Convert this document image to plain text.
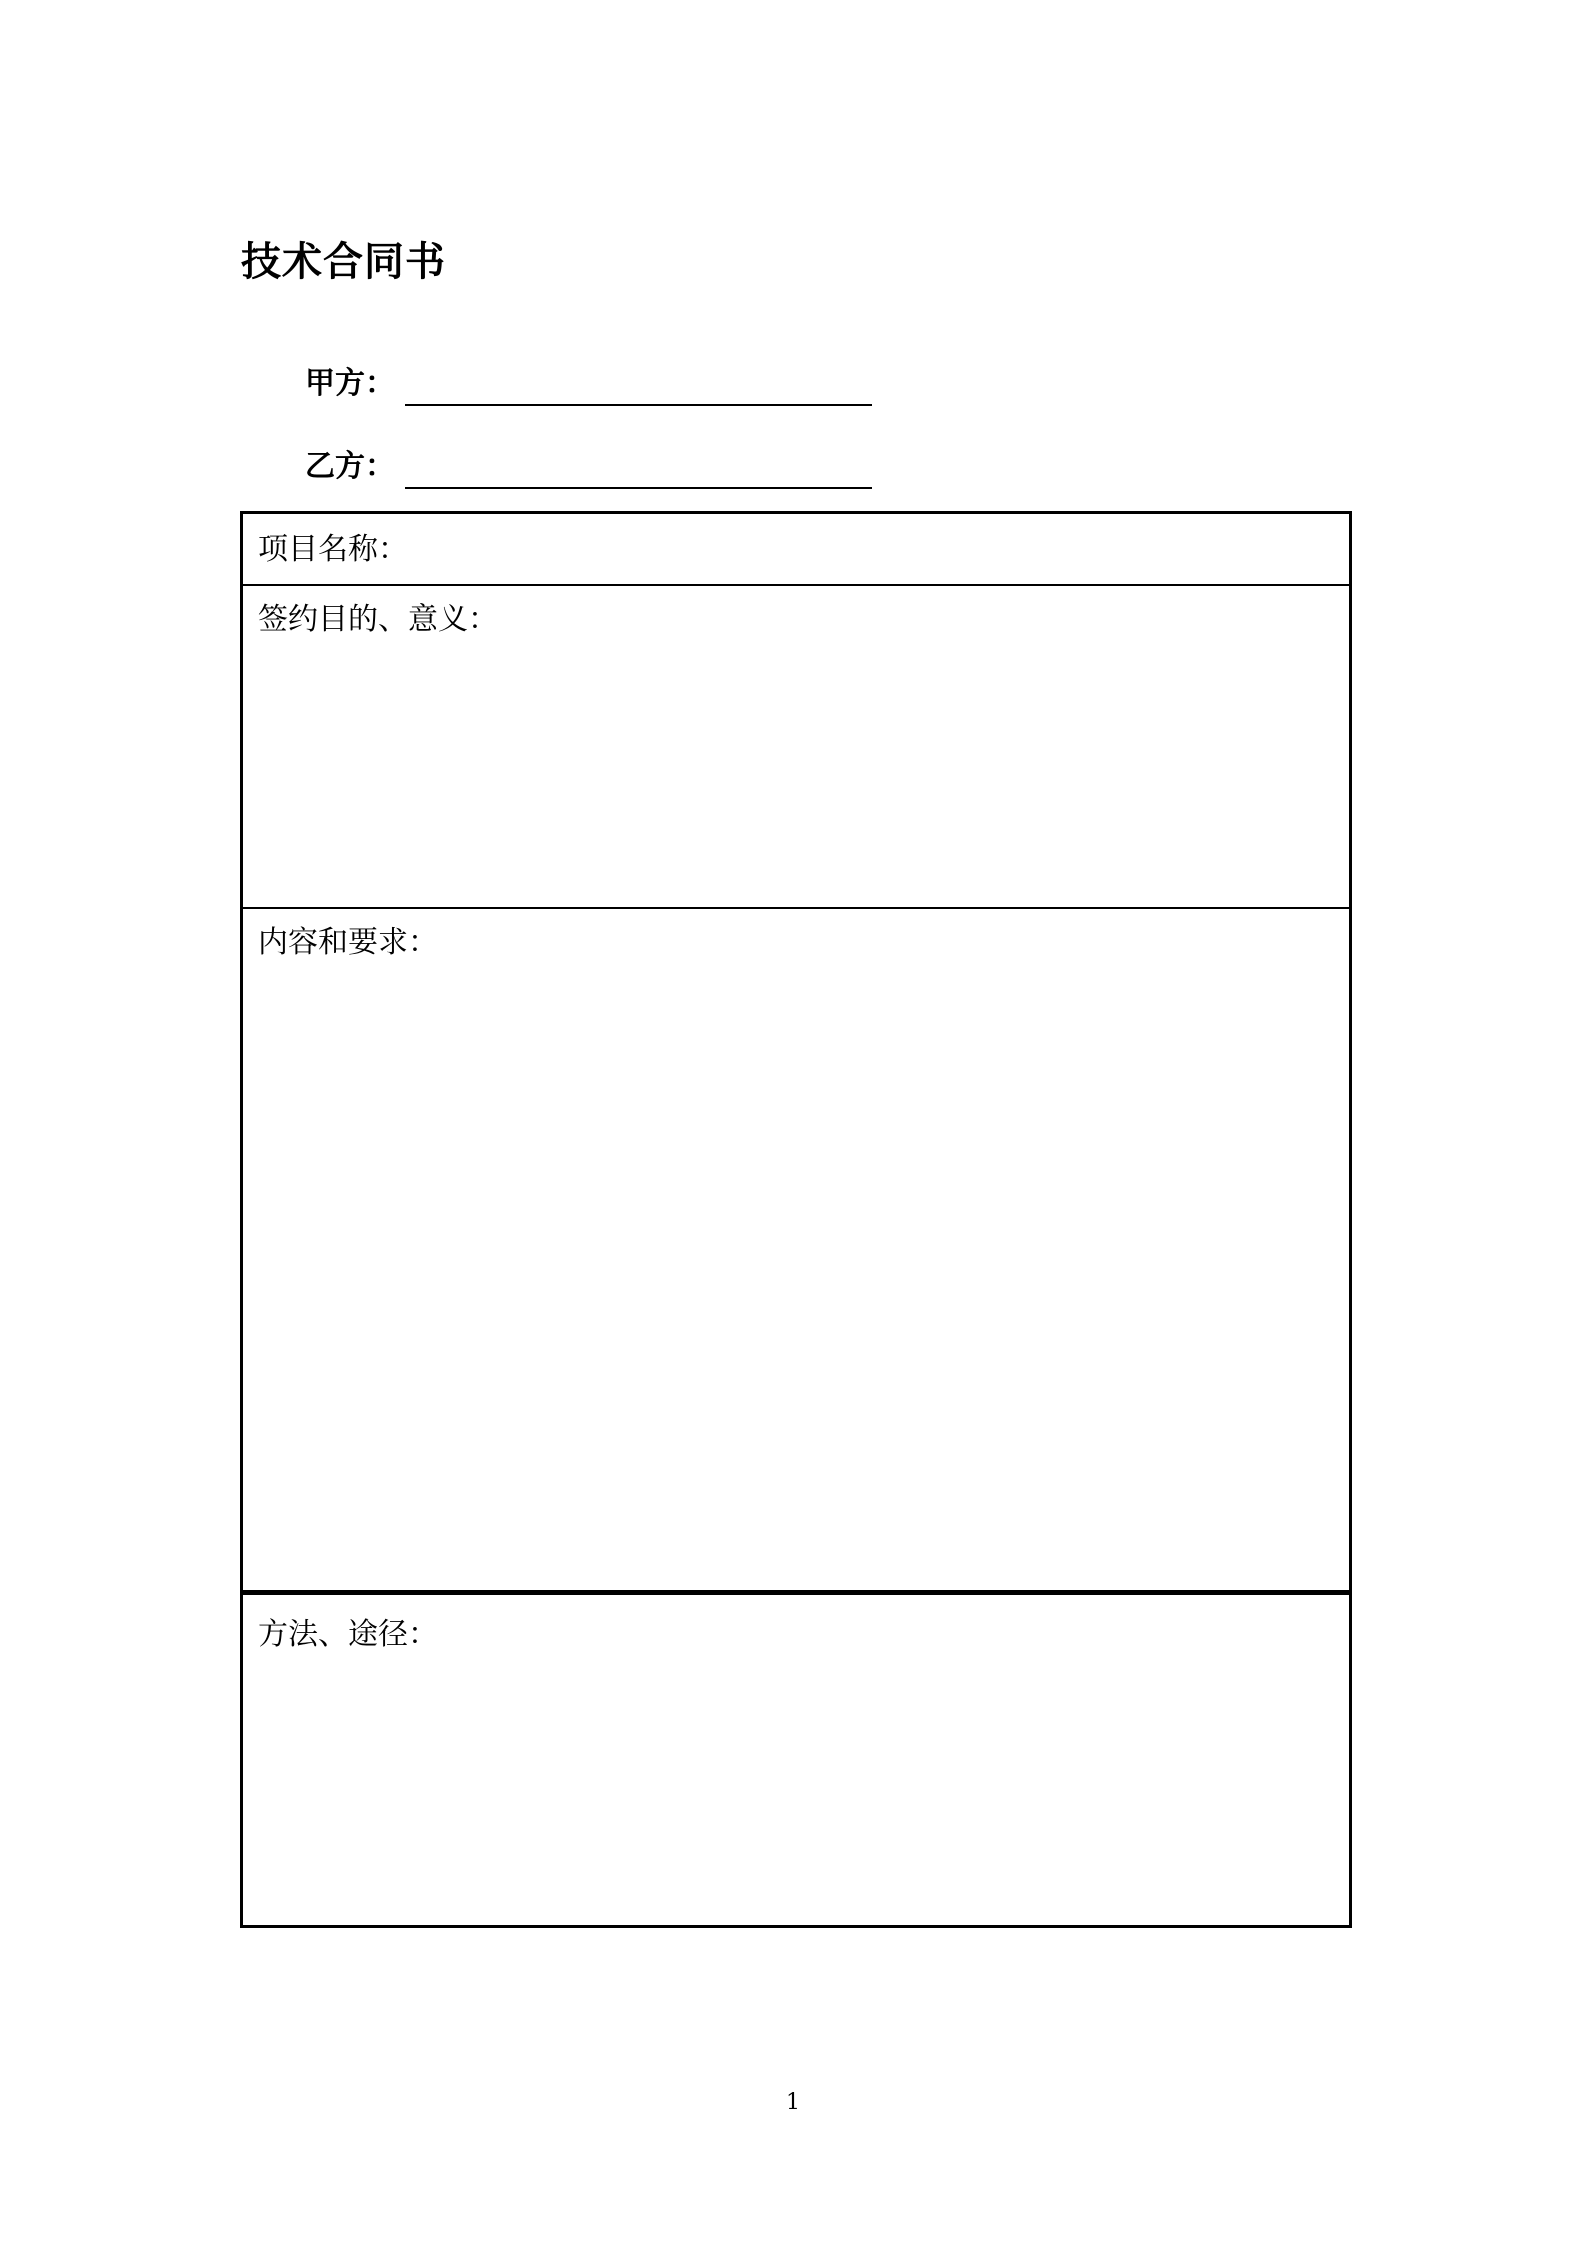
技术合同书
甲方：
乙方：
项目名称：
签约目的、意义：
内容和要求：
方法、途径：
1
